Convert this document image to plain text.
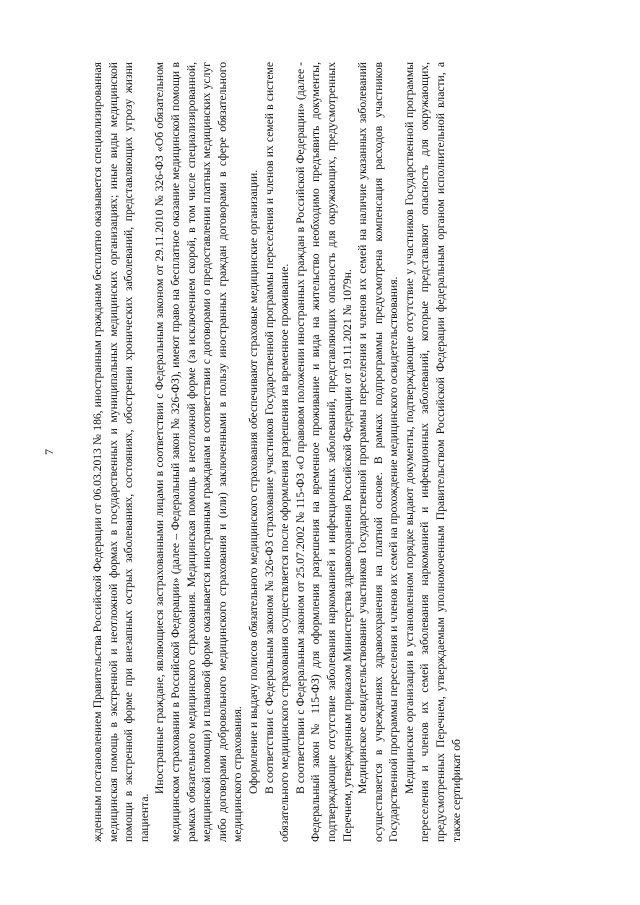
7	жденным постановлением Правительства Российской Федерации от 06.03.2013 № 186, иностранным гражданам бесплатно оказывается специализированная медицинская помощь в экстренной и неотложной формах в государственных и муниципальных медицинских организациях; иные виды медицинской помощи в экстренной форме при внезапных острых заболеваниях, состояниях, обострении хронических заболеваний, представляющих угрозу жизни пациента.

Иностранные граждане, являющиеся застрахованными лицами в соответствии с Федеральным законом от 29.11.2010 № 326-ФЗ «Об обязательном медицинском страховании в Российской Федерации» (далее – Федеральный закон № 326-ФЗ), имеют право на бесплатное оказание медицинской помощи в рамках обязательного медицинского страхования. Медицинская помощь в неотложной форме (за исключением скорой, в том числе специализированной, медицинской помощи) и плановой форме оказывается иностранным гражданам в соответствии с договорами о предоставлении платных медицинских услуг либо договорами добровольного медицинского страхования и (или) заключенными в пользу иностранных граждан договорами в сфере обязательного медицинского страхования. Оформление и выдачу полисов обязательного медицинского страхования обеспечивают страховые медицинские организации. В соответствии с Федеральным законом № 326-ФЗ страхование участников Государственной программы переселения и членов их семей в системе обязательного медицинского страхования осуществляется после оформления разрешения на временное проживание. В соответствии с Федеральным законом от 25.07.2002 № 115-ФЗ «О правовом положении иностранных граждан в Российской Федерации» (далее - Федеральный закон № 115-ФЗ) для оформления разрешения на временное проживание и вида на жительство необходимо предъявить документы, подтверждающие отсутствие заболевания наркоманией и инфекционных заболеваний, представляющих опасность для окружающих, предусмотренных Перечнем, утвержденным приказом Министерства здравоохранения Российской Федерации от 19.11.2021 № 1079н. Медицинское освидетельствование участников Государственной программы переселения и членов их семей на наличие указанных заболеваний осуществляется в учреждениях здравоохранения на платной основе. В рамках подпрограммы предусмотрена компенсация расходов участников Государственной программы переселения и членов их семей на прохождение медицинского освидетельствования. Медицинские организации в установленном порядке выдают документы, подтверждающие отсутствие у участников Государственной программы переселения и членов их семей заболевания наркоманией и инфекционных заболеваний, которые представляют опасность для окружающих, предусмотренных Перечнем, утверждаемым уполномоченным Правительством Российской Федерации федеральным органом исполнительной власти, а также сертификат об
